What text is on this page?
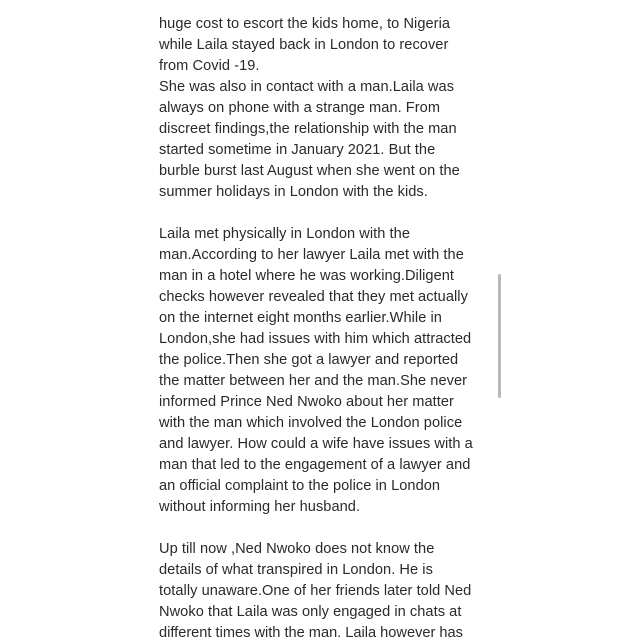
huge cost to escort the kids home, to Nigeria
while Laila stayed back in London to recover
from Covid -19.
She was also in contact with a man.Laila was
always on phone with a strange man. From
discreet findings,the relationship with the man
started sometime in January 2021. But the
burble burst last August when she went on the
summer holidays in London with the kids.
Laila met physically in London with the
man.According to her lawyer Laila met with the
man in a hotel where he was working.Diligent
checks however revealed that they met actually
on the internet eight months earlier.While in
London,she had issues with him which attracted
the police.Then she got a lawyer and reported
the matter between her and the man.She never
informed Prince Ned Nwoko about her matter
with the man which involved the London police
and lawyer. How could a wife have issues with a
man that led to the engagement of a lawyer and
an official complaint to the police in London
without informing her husband.
Up till now ,Ned Nwoko does not know the
details of what transpired in London. He is
totally unaware.One of her friends later told Ned
Nwoko that Laila was only engaged in chats at
different times with the man. Laila however has
